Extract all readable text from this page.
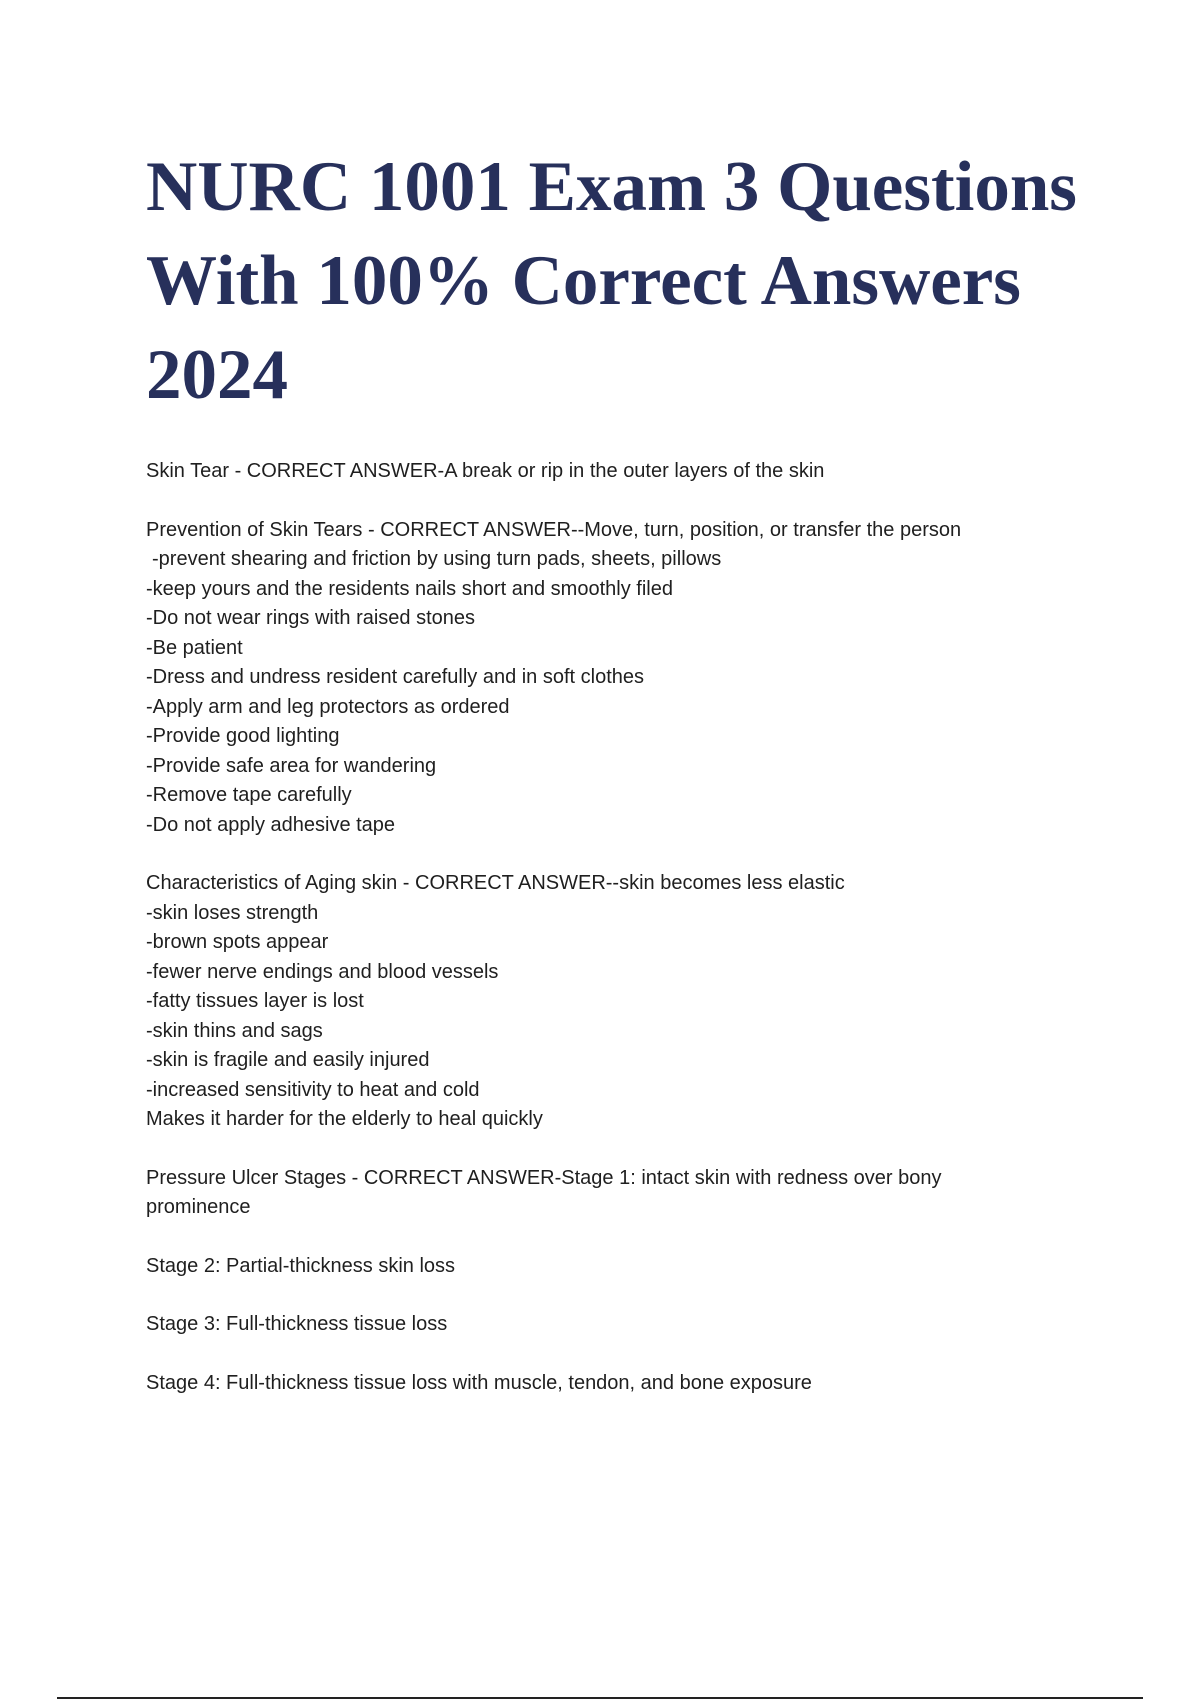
NURC 1001 Exam 3 Questions
With 100% Correct Answers
2024
Skin Tear - CORRECT ANSWER-A break or rip in the outer layers of the skin
Prevention of Skin Tears - CORRECT ANSWER--Move, turn, position, or transfer the person
-prevent shearing and friction by using turn pads, sheets, pillows
-keep yours and the residents nails short and smoothly filed
-Do not wear rings with raised stones
-Be patient
-Dress and undress resident carefully and in soft clothes
-Apply arm and leg protectors as ordered
-Provide good lighting
-Provide safe area for wandering
-Remove tape carefully
-Do not apply adhesive tape
Characteristics of Aging skin - CORRECT ANSWER--skin becomes less elastic
-skin loses strength
-brown spots appear
-fewer nerve endings and blood vessels
-fatty tissues layer is lost
-skin thins and sags
-skin is fragile and easily injured
-increased sensitivity to heat and cold
Makes it harder for the elderly to heal quickly
Pressure Ulcer Stages - CORRECT ANSWER-Stage 1: intact skin with redness over bony
prominence
Stage 2: Partial-thickness skin loss
Stage 3: Full-thickness tissue loss
Stage 4: Full-thickness tissue loss with muscle, tendon, and bone exposure
